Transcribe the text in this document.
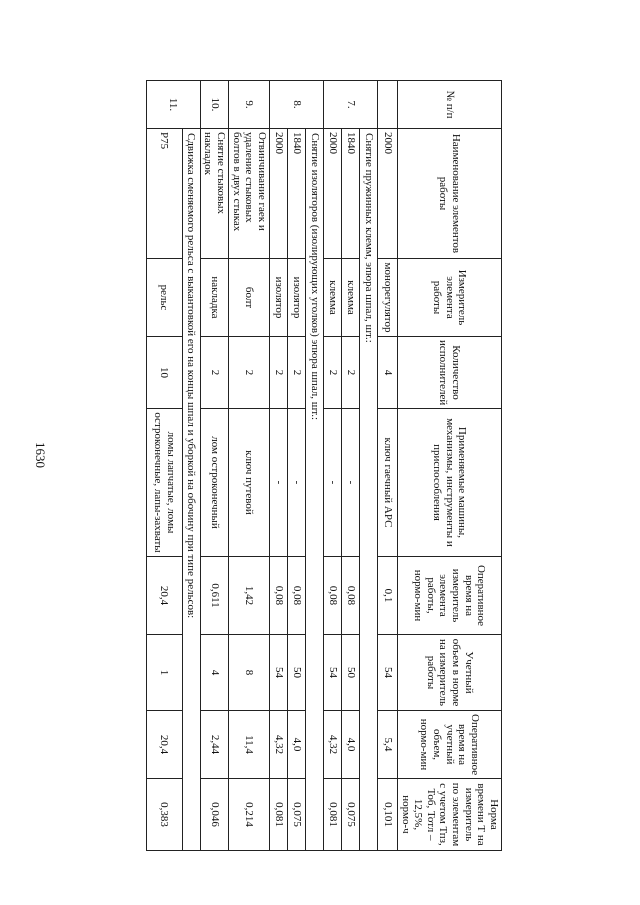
1630
№ п/п	Наименование элементов работы	Измеритель элемента работы	Количество исполнителей	Применяемые машины, механизмы, инструменты и приспособления	Оперативное время на измеритель элемента работы, нормо-мин	Учетный объем в норме на измеритель работы	Оперативное время на учетный объем, нормо-мин	Норма времени Т на измеритель по элементам с учетом Тпз, Тоб, Тотл – 12,5%, нормо-ч
	2000	монорегулятор	4	ключ гаечный АРС	0,1	54	5,4	0,101
7.	Снятие пружинных клемм, эпюра шпал, шт.:							
	1840	клемма	2	-	0,08	50	4,0	0,075
	2000	клемма	2	-	0,08	54	4,32	0,081
8.	Снятие изоляторов (изолирующих уголков) эпюра шпал, шт.:							
	1840	изолятор	2	-	0,08	50	4,0	0,075
	2000	изолятор	2	-	0,08	54	4,32	0,081
9.	Отвинчивание гаек и удаление стыковых болтов в двух стыках	болт	2	ключ путевой	1,42	8	11,4	0,214
10.	Снятие стыковых накладок	накладка	2	лом остроконечный	0,611	4	2,44	0,046
11.	Сдвижка сменяемого рельса с выкантовкой его на концы шпал и уборкой на обочину при типе рельсов:							
	Р75	рельс	10	ломы лапчатые, ломы остроконечные, лапы-захваты	20,4	1	20,4	0,383
